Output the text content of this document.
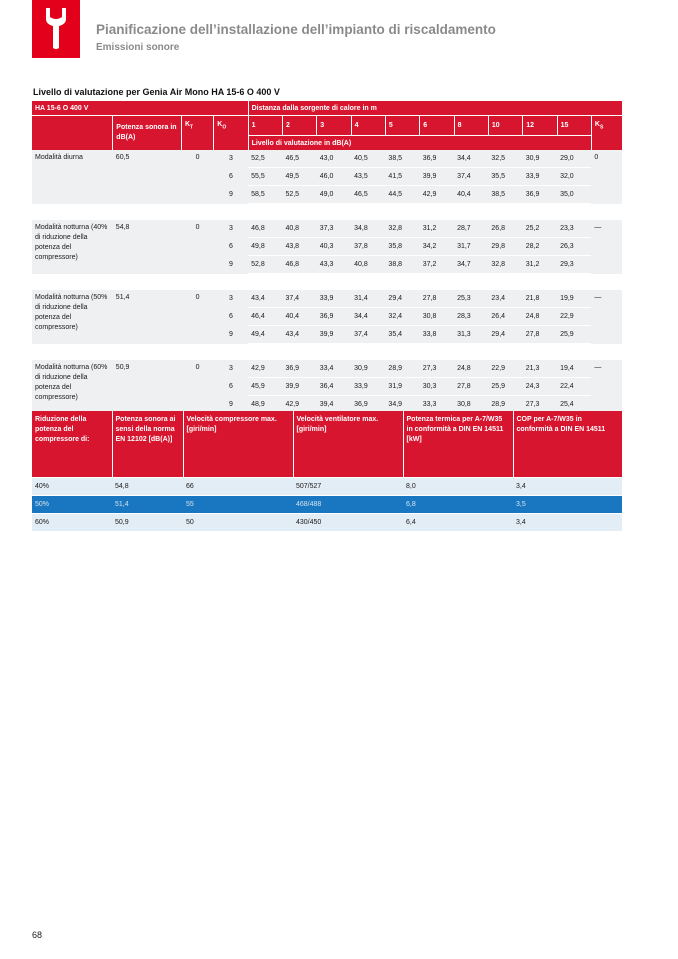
Pianificazione dell’installazione dell’impianto di riscaldamento
Emissioni sonore
Livello di valutazione per Genia Air Mono HA 15-6 O 400 V
HA 15-6 O 400 V				Distanza dalla sorgente di calore in m										
	Potenza sonora in dB(A)	$K_T$	$K_O$	1	2	3	4	5	6	8	10	12	15	$K_S$
				Livello di valutazione in dB(A)										
Modalità diurna	60,5	0	3	52,5	46,5	43,0	40,5	38,5	36,9	34,4	32,5	30,9	29,0	0
			6	55,5	49,5	46,0	43,5	41,5	39,9	37,4	35,5	33,9	32,0	
			9	58,5	52,5	49,0	46,5	44,5	42,9	40,4	38,5	36,9	35,0	

Modalità notturna (40% di riduzione della potenza del compressore)	54,8	0	3	46,8	40,8	37,3	34,8	32,8	31,2	28,7	26,8	25,2	23,3	—
			6	49,8	43,8	40,3	37,8	35,8	34,2	31,7	29,8	28,2	26,3	
			9	52,8	46,8	43,3	40,8	38,8	37,2	34,7	32,8	31,2	29,3	

Modalità notturna (50% di riduzione della potenza del compressore)	51,4	0	3	43,4	37,4	33,9	31,4	29,4	27,8	25,3	23,4	21,8	19,9	—
			6	46,4	40,4	36,9	34,4	32,4	30,8	28,3	26,4	24,8	22,9	
			9	49,4	43,4	39,9	37,4	35,4	33,8	31,3	29,4	27,8	25,9	

Modalità notturna (60% di riduzione della potenza del compressore)	50,9	0	3	42,9	36,9	33,4	30,9	28,9	27,3	24,8	22,9	21,3	19,4	—
			6	45,9	39,9	36,4	33,9	31,9	30,3	27,8	25,9	24,3	22,4	
			9	48,9	42,9	39,4	36,9	34,9	33,3	30,8	28,9	27,3	25,4	
Riduzione della potenza del compressore di:	Potenza sonora ai sensi della norma EN 12102 [dB(A)]	Velocità compressore max. [giri/min]	Velocità ventilatore max. [giri/min]	Potenza termica per A-7/W35 in conformità a DIN EN 14511 [kW]	COP per A-7/W35 in conformità a DIN EN 14511
40%	54,8	66	507/527	8,0	3,4
50%	51,4	55	468/488	6,8	3,5
60%	50,9	50	430/450	6,4	3,4
68
